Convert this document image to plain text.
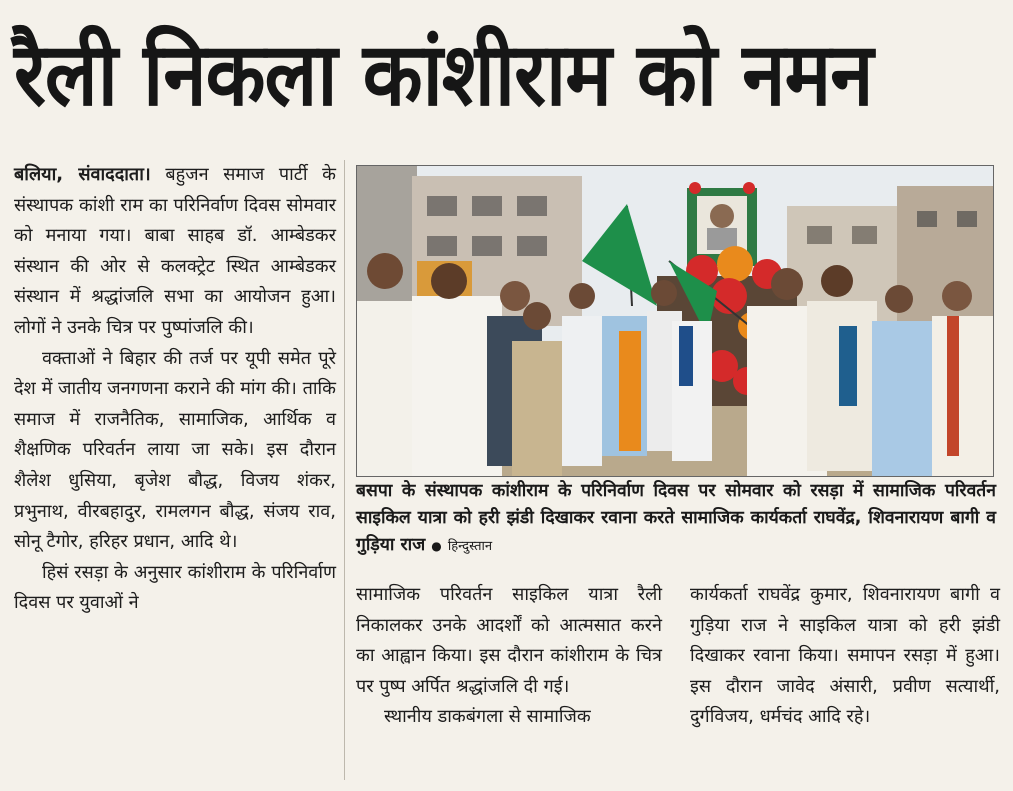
रैली निकला कांशीराम को नमन

बलिया, संवाददाता। बहुजन समाज पार्टी के संस्थापक कांशी राम का परिनिर्वाण दिवस सोमवार को मनाया गया। बाबा साहब डॉ. आम्बेडकर संस्थान की ओर से कलक्ट्रेट स्थित आम्बेडकर संस्थान में श्रद्धांजलि सभा का आयोजन हुआ। लोगों ने उनके चित्र पर पुष्पांजलि की।

वक्ताओं ने बिहार की तर्ज पर यूपी समेत पूरे देश में जातीय जनगणना कराने की मांग की। ताकि समाज में राजनैतिक, सामाजिक, आर्थिक व शैक्षणिक परिवर्तन लाया जा सके। इस दौरान शैलेश धुसिया, बृजेश बौद्ध, विजय शंकर, प्रभुनाथ, वीरबहादुर, रामलगन बौद्ध, संजय राव, सोनू टैगोर, हरिहर प्रधान, आदि थे।

हिसं रसड़ा के अनुसार कांशीराम के परिनिर्वाण दिवस पर युवाओं ने

बसपा के संस्थापक कांशीराम के परिनिर्वाण दिवस पर सोमवार को रसड़ा में सामाजिक परिवर्तन साइकिल यात्रा को हरी झंडी दिखाकर रवाना करते सामाजिक कार्यकर्ता राघवेंद्र, शिवनारायण बागी व गुड़िया राज ● हिन्दुस्तान

सामाजिक परिवर्तन साइकिल यात्रा रैली निकालकर उनके आदर्शों को आत्मसात करने का आह्वान किया। इस दौरान कांशीराम के चित्र पर पुष्प अर्पित श्रद्धांजलि दी गई।

स्थानीय डाकबंगला से सामाजिक

कार्यकर्ता राघवेंद्र कुमार, शिवनारायण बागी व गुड़िया राज ने साइकिल यात्रा को हरी झंडी दिखाकर रवाना किया। समापन रसड़ा में हुआ। इस दौरान जावेद अंसारी, प्रवीण सत्यार्थी, दुर्गविजय, धर्मचंद आदि रहे।
